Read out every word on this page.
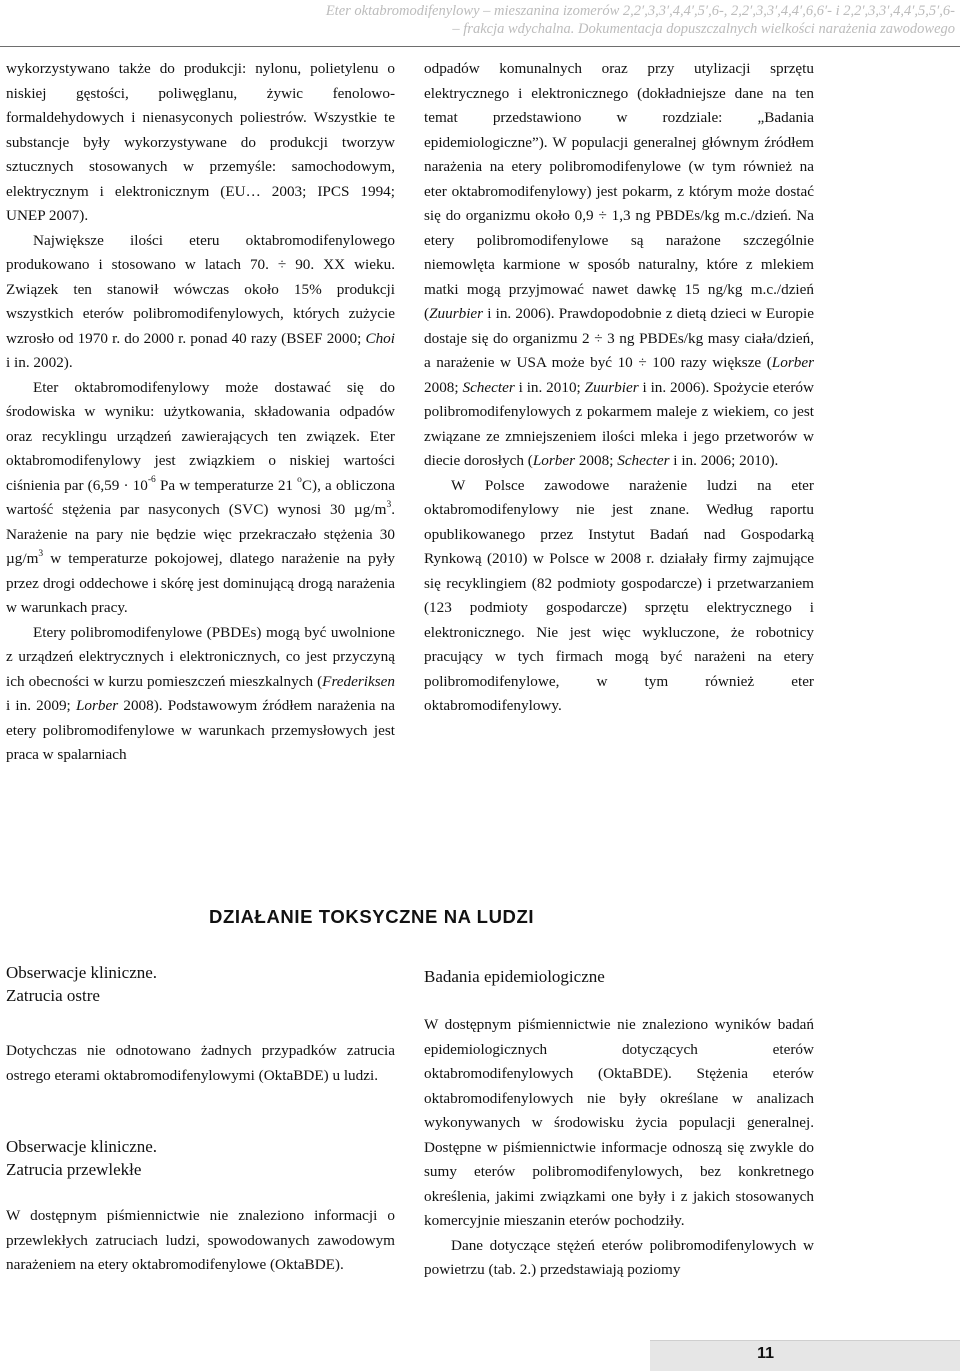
Eter oktabromodifenylowy – mieszanina izomerów 2,2′,3,3′,4,4′,5′,6-, 2,2′,3,3′,4,4′,6,6′- i 2,2′,3,3′,4,4′,5,5′,6-
– frakcja wdychalna. Dokumentacja dopuszczalnych wielkości narażenia zawodowego

wykorzystywano także do produkcji: nylonu, polietylenu o niskiej gęstości, poliwęglanu, żywic fenolowo-formaldehydowych i nienasyconych poliestrów. Wszystkie te substancje były wykorzystywane do produkcji tworzyw sztucznych stosowanych w przemyśle: samochodowym, elektrycznym i elektronicznym (EU… 2003; IPCS 1994; UNEP 2007).

Największe ilości eteru oktabromodifenylowego produkowano i stosowano w latach 70. ÷ 90. XX wieku. Związek ten stanowił wówczas około 15% produkcji wszystkich eterów polibromodifenylowych, których zużycie wzrosło od 1970 r. do 2000 r. ponad 40 razy (BSEF 2000; Choi i in. 2002).

Eter oktabromodifenylowy może dostawać się do środowiska w wyniku: użytkowania, składowania odpadów oraz recyklingu urządzeń zawierających ten związek. Eter oktabromodifenylowy jest związkiem o niskiej wartości ciśnienia par ($6,59 \cdot 10^{-6}$ Pa w temperaturze 21 $^o$C), a obliczona wartość stężenia par nasyconych (SVC) wynosi 30 $\mu g/m^3$. Narażenie na pary nie będzie więc przekraczało stężenia 30 $\mu g/m^3$ w temperaturze pokojowej, dlatego narażenie na pyły przez drogi oddechowe i skórę jest dominującą drogą narażenia w warunkach pracy.

Etery polibromodifenylowe (PBDEs) mogą być uwolnione z urządzeń elektrycznych i elektronicznych, co jest przyczyną ich obecności w kurzu pomieszczeń mieszkalnych (Frederiksen i in. 2009; Lorber 2008). Podstawowym źródłem narażenia na etery polibromodifenylowe w warunkach przemysłowych jest praca w spalarniach

odpadów komunalnych oraz przy utylizacji sprzętu elektrycznego i elektronicznego (dokładniejsze dane na ten temat przedstawiono w rozdziale: „Badania epidemiologiczne”). W populacji generalnej głównym źródłem narażenia na etery polibromodifenylowe (w tym również na eter oktabromodifenylowy) jest pokarm, z którym może dostać się do organizmu około 0,9 ÷ 1,3 ng PBDEs/kg m.c./dzień. Na etery polibromodifenylowe są narażone szczególnie niemowlęta karmione w sposób naturalny, które z mlekiem matki mogą przyjmować nawet dawkę 15 ng/kg m.c./dzień (Zuurbier i in. 2006). Prawdopodobnie z dietą dzieci w Europie dostaje się do organizmu 2 ÷ 3 ng PBDEs/kg masy ciała/dzień, a narażenie w USA może być 10 ÷ 100 razy większe (Lorber 2008; Schecter i in. 2010; Zuurbier i in. 2006). Spożycie eterów polibromodifenylowych z pokarmem maleje z wiekiem, co jest związane ze zmniejszeniem ilości mleka i jego przetworów w diecie dorosłych (Lorber 2008; Schecter i in. 2006; 2010).

W Polsce zawodowe narażenie ludzi na eter oktabromodifenylowy nie jest znane. Według raportu opublikowanego przez Instytut Badań nad Gospodarką Rynkową (2010) w Polsce w 2008 r. działały firmy zajmujące się recyklingiem (82 podmioty gospodarcze) i przetwarzaniem (123 podmioty gospodarcze) sprzętu elektrycznego i elektronicznego. Nie jest więc wykluczone, że robotnicy pracujący w tych firmach mogą być narażeni na etery polibromodifenylowe, w tym również eter oktabromodifenylowy.

DZIAŁANIE TOKSYCZNE NA LUDZI
Obserwacje kliniczne.
Zatrucia ostre

Dotychczas nie odnotowano żadnych przypadków zatrucia ostrego eterami oktabromodifenylowymi (OktaBDE) u ludzi.

Obserwacje kliniczne.
Zatrucia przewlekłe

W dostępnym piśmiennictwie nie znaleziono informacji o przewlekłych zatruciach ludzi, spowodowanych zawodowym narażeniem na etery oktabromodifenylowe (OktaBDE).

Badania epidemiologiczne

W dostępnym piśmiennictwie nie znaleziono wyników badań epidemiologicznych dotyczących eterów oktabromodifenylowych (OktaBDE). Stężenia eterów oktabromodifenylowych nie były określane w analizach wykonywanych w środowisku życia populacji generalnej. Dostępne w piśmiennictwie informacje odnoszą się zwykle do sumy eterów polibromodifenylowych, bez konkretnego określenia, jakimi związkami one były i z jakich stosowanych komercyjnie mieszanin eterów pochodziły.

Dane dotyczące stężeń eterów polibromodifenylowych w powietrzu (tab. 2.) przedstawiają poziomy

11
